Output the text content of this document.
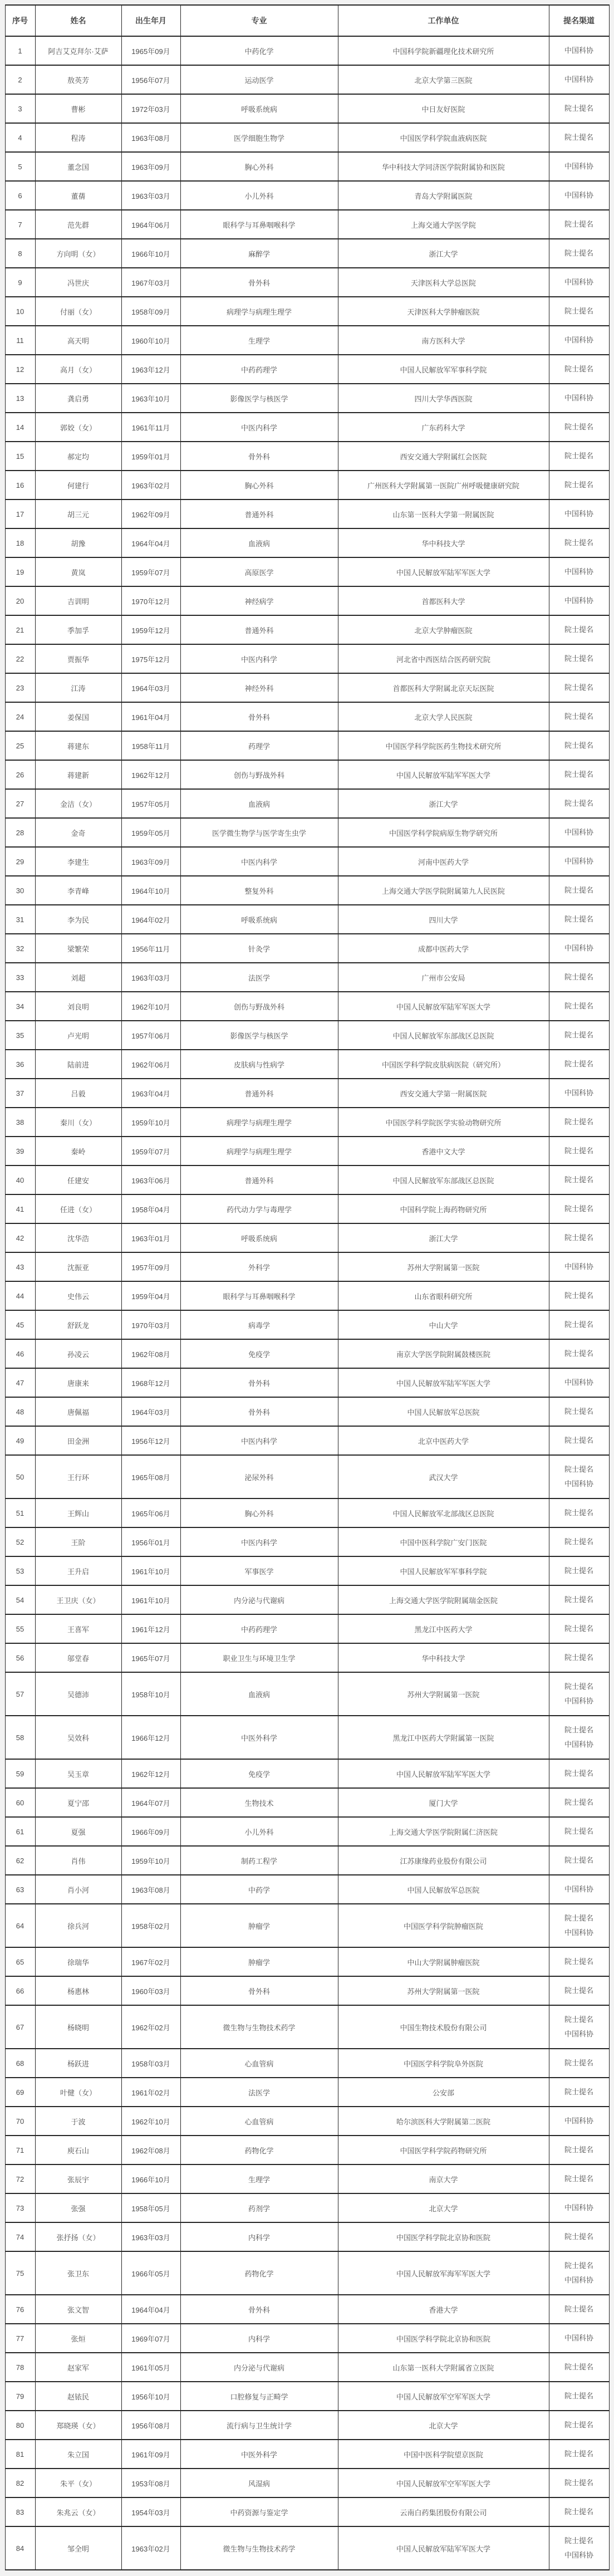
序号	姓名	出生年月	专业	工作单位	提名渠道
1	阿吉艾克拜尔·艾萨	1965年09月	中药化学	中国科学院新疆理化技术研究所	中国科协

2	敖英芳	1956年07月	运动医学	北京大学第三医院	中国科协

3	曹彬	1972年03月	呼吸系统病	中日友好医院	院士提名

4	程涛	1963年08月	医学细胞生物学	中国医学科学院血液病医院	院士提名

5	董念国	1963年09月	胸心外科	华中科技大学同济医学院附属协和医院	中国科协

6	董蒨	1963年03月	小儿外科	青岛大学附属医院	中国科协

7	范先群	1964年06月	眼科学与耳鼻咽喉科学	上海交通大学医学院	院士提名

8	方向明（女）	1966年10月	麻醉学	浙江大学	院士提名

9	冯世庆	1967年03月	骨外科	天津医科大学总医院	中国科协

10	付丽（女）	1958年09月	病理学与病理生理学	天津医科大学肿瘤医院	院士提名

11	高天明	1960年10月	生理学	南方医科大学	中国科协

12	高月（女）	1963年12月	中药药理学	中国人民解放军军事科学院	院士提名

13	龚启勇	1963年10月	影像医学与核医学	四川大学华西医院	中国科协

14	郭姣（女）	1961年11月	中医内科学	广东药科大学	院士提名

15	郝定均	1959年01月	骨外科	西安交通大学附属红会医院	院士提名

16	何建行	1963年02月	胸心外科	广州医科大学附属第一医院广州呼吸健康研究院	院士提名

17	胡三元	1962年09月	普通外科	山东第一医科大学第一附属医院	中国科协

18	胡豫	1964年04月	血液病	华中科技大学	院士提名

19	黄岚	1959年07月	高原医学	中国人民解放军陆军军医大学	中国科协

20	吉训明	1970年12月	神经病学	首都医科大学	中国科协

21	季加孚	1959年12月	普通外科	北京大学肿瘤医院	院士提名

22	贾振华	1975年12月	中医内科学	河北省中西医结合医药研究院	院士提名

23	江涛	1964年03月	神经外科	首都医科大学附属北京天坛医院	院士提名

24	姜保国	1961年04月	骨外科	北京大学人民医院	院士提名

25	蒋建东	1958年11月	药理学	中国医学科学院医药生物技术研究所	院士提名

26	蒋建新	1962年12月	创伤与野战外科	中国人民解放军陆军军医大学	院士提名

27	金洁（女）	1957年05月	血液病	浙江大学	院士提名

28	金奇	1959年05月	医学微生物学与医学寄生虫学	中国医学科学院病原生物学研究所	中国科协

29	李建生	1963年09月	中医内科学	河南中医药大学	中国科协

30	李青峰	1964年10月	整复外科	上海交通大学医学院附属第九人民医院	院士提名

31	李为民	1964年02月	呼吸系统病	四川大学	院士提名

32	梁繁荣	1956年11月	针灸学	成都中医药大学	中国科协

33	刘超	1963年03月	法医学	广州市公安局	院士提名

34	刘良明	1962年10月	创伤与野战外科	中国人民解放军陆军军医大学	院士提名

35	卢光明	1957年06月	影像医学与核医学	中国人民解放军东部战区总医院	院士提名

36	陆前进	1962年06月	皮肤病与性病学	中国医学科学院皮肤病医院（研究所）	院士提名

37	吕毅	1963年04月	普通外科	西安交通大学第一附属医院	中国科协

38	秦川（女）	1959年10月	病理学与病理生理学	中国医学科学院医学实验动物研究所	院士提名

39	秦岭	1959年07月	病理学与病理生理学	香港中文大学	院士提名

40	任建安	1963年06月	普通外科	中国人民解放军东部战区总医院	院士提名

41	任进（女）	1958年04月	药代动力学与毒理学	中国科学院上海药物研究所	院士提名

42	沈华浩	1963年01月	呼吸系统病	浙江大学	院士提名

43	沈振亚	1957年09月	外科学	苏州大学附属第一医院	中国科协

44	史伟云	1959年04月	眼科学与耳鼻咽喉科学	山东省眼科研究所	院士提名

45	舒跃龙	1970年03月	病毒学	中山大学	院士提名

46	孙凌云	1962年08月	免疫学	南京大学医学院附属鼓楼医院	院士提名

47	唐康来	1968年12月	骨外科	中国人民解放军陆军军医大学	中国科协

48	唐佩福	1964年03月	骨外科	中国人民解放军总医院	院士提名

49	田金洲	1956年12月	中医内科学	北京中医药大学	院士提名

50	王行环	1965年08月	泌尿外科	武汉大学	院士提名
中国科协

51	王辉山	1965年06月	胸心外科	中国人民解放军北部战区总医院	院士提名

52	王阶	1956年01月	中医内科学	中国中医科学院广安门医院	院士提名

53	王升启	1961年10月	军事医学	中国人民解放军军事科学院	院士提名

54	王卫庆（女）	1961年10月	内分泌与代谢病	上海交通大学医学院附属瑞金医院	院士提名

55	王喜军	1961年12月	中药药理学	黑龙江中医药大学	院士提名

56	邬堂春	1965年07月	职业卫生与环境卫生学	华中科技大学	院士提名

57	吴德沛	1958年10月	血液病	苏州大学附属第一医院	院士提名
中国科协

58	吴效科	1966年12月	中医外科学	黑龙江中医药大学附属第一医院	院士提名
中国科协

59	吴玉章	1962年12月	免疫学	中国人民解放军陆军军医大学	院士提名

60	夏宁邵	1964年07月	生物技术	厦门大学	院士提名

61	夏强	1966年09月	小儿外科	上海交通大学医学院附属仁济医院	院士提名

62	肖伟	1959年10月	制药工程学	江苏康缘药业股份有限公司	院士提名

63	肖小河	1963年08月	中药学	中国人民解放军总医院	中国科协

64	徐兵河	1958年02月	肿瘤学	中国医学科学院肿瘤医院	院士提名
中国科协

65	徐瑞华	1967年02月	肿瘤学	中山大学附属肿瘤医院	院士提名

66	杨惠林	1960年03月	骨外科	苏州大学附属第一医院	院士提名

67	杨晓明	1962年02月	微生物与生物技术药学	中国生物技术股份有限公司	院士提名
中国科协

68	杨跃进	1958年03月	心血管病	中国医学科学院阜外医院	院士提名

69	叶健（女）	1961年02月	法医学	公安部	院士提名

70	于波	1962年10月	心血管病	哈尔滨医科大学附属第二医院	中国科协

71	庾石山	1962年08月	药物化学	中国医学科学院药物研究所	院士提名

72	张辰宇	1966年10月	生理学	南京大学	院士提名

73	张强	1958年05月	药剂学	北京大学	中国科协

74	张抒扬（女）	1963年03月	内科学	中国医学科学院北京协和医院	院士提名

75	张卫东	1966年05月	药物化学	中国人民解放军海军军医大学	院士提名
中国科协

76	张文智	1964年04月	骨外科	香港大学	院士提名

77	张烜	1969年07月	内科学	中国医学科学院北京协和医院	中国科协

78	赵家军	1961年05月	内分泌与代谢病	山东第一医科大学附属省立医院	院士提名

79	赵铱民	1956年10月	口腔修复与正畸学	中国人民解放军空军军医大学	院士提名

80	郑晓瑛（女）	1956年08月	流行病与卫生统计学	北京大学	院士提名

81	朱立国	1961年09月	中医外科学	中国中医科学院望京医院	院士提名

82	朱平（女）	1953年08月	风湿病	中国人民解放军空军军医大学	院士提名

83	朱兆云（女）	1954年03月	中药资源与鉴定学	云南白药集团股份有限公司	院士提名

84	邹全明	1963年02月	微生物与生物技术药学	中国人民解放军陆军军医大学	院士提名
中国科协
